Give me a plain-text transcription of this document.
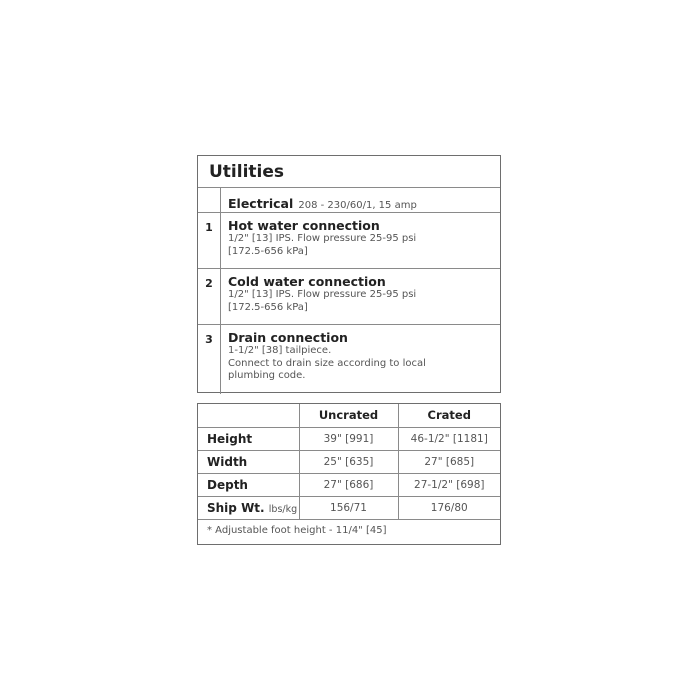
Utilities
Electrical 208 - 230/60/1, 15 amp
1	Hot water connection
1/2" [13] IPS. Flow pressure 25-95 psi
[172.5-656 kPa]
2	Cold water connection
1/2" [13] IPS. Flow pressure 25-95 psi
[172.5-656 kPa]
3	Drain connection
1-1/2" [38] tailpiece.
Connect to drain size according to local
plumbing code.
	Uncrated	Crated
Height	39" [991]	46-1/2" [1181]
Width	25" [635]	27" [685]
Depth	27" [686]	27-1/2" [698]
Ship Wt. lbs/kg	156/71	176/80
* Adjustable foot height - 11/4" [45]		
